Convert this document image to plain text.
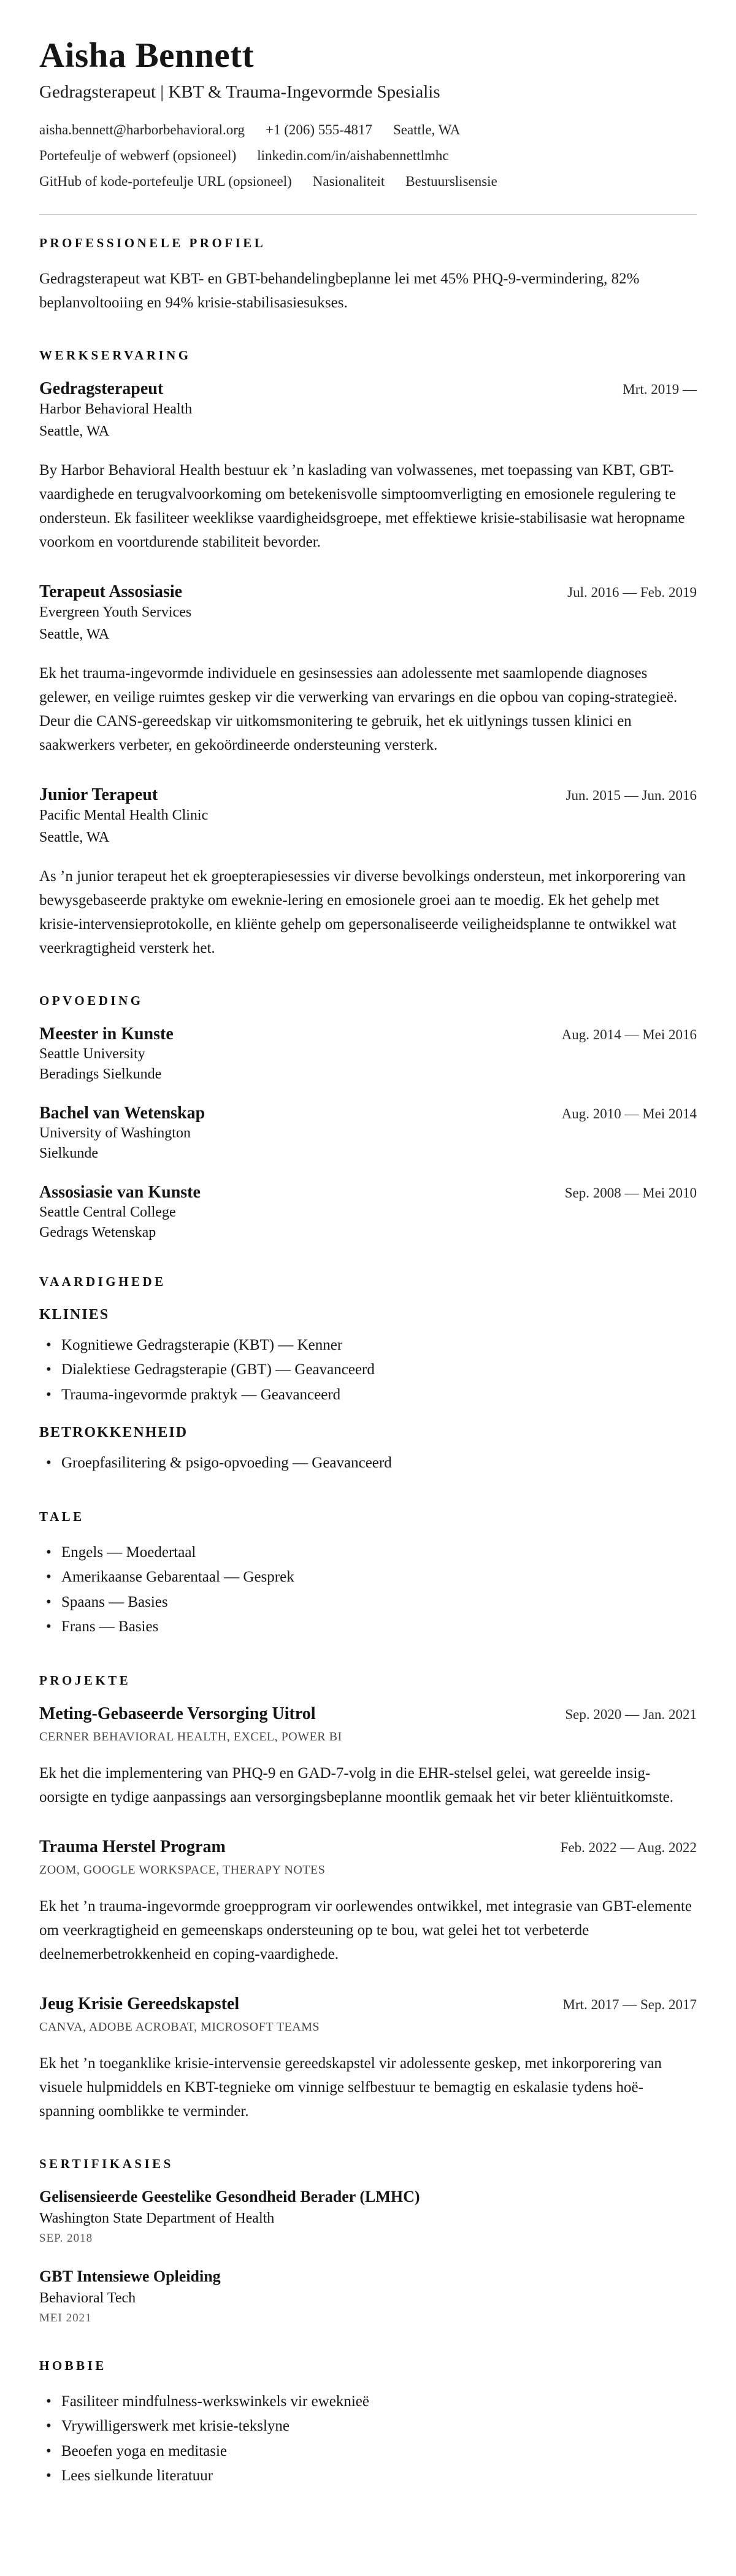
Aisha Bennett

Gedragsterapeut | KBT & Trauma-Ingevormde Spesialis

aisha.bennett@harborbehavioral.org +1 (206) 555-4817 Seattle, WA
Portefeulje of webwerf (opsioneel) linkedin.com/in/aishabennettlmhc
GitHub of kode-portefeulje URL (opsioneel) Nasionaliteit Bestuurslisensie
PROFESSIONELE PROFIEL

Gedragsterapeut wat KBT- en GBT-behandelingbeplanne lei met 45% PHQ-9-vermindering, 82% beplanvoltooiing en 94% krisie-stabilisasiesukses.

WERKSERVARING
Gedragsterapeut	Mrt. 2019 —

Harbor Behavioral Health

Seattle, WA

By Harbor Behavioral Health bestuur ek ’n kaslading van volwassenes, met toepassing van KBT, GBT-vaardighede en terugvalvoorkoming om betekenisvolle simptoomverligting en emosionele regulering te ondersteun. Ek fasiliteer weeklikse vaardigheidsgroepe, met effektiewe krisie-stabilisasie wat heropname voorkom en voortdurende stabiliteit bevorder.

Terapeut Assosiasie	Jul. 2016 — Feb. 2019

Evergreen Youth Services

Seattle, WA

Ek het trauma-ingevormde individuele en gesinsessies aan adolessente met saamlopende diagnoses gelewer, en veilige ruimtes geskep vir die verwerking van ervarings en die opbou van coping-strategieë. Deur die CANS-gereedskap vir uitkomsmonitering te gebruik, het ek uitlynings tussen klinici en saakwerkers verbeter, en gekoördineerde ondersteuning versterk.

Junior Terapeut	Jun. 2015 — Jun. 2016

Pacific Mental Health Clinic

Seattle, WA

As ’n junior terapeut het ek groepterapiesessies vir diverse bevolkings ondersteun, met inkorporering van bewysgebaseerde praktyke om eweknie-lering en emosionele groei aan te moedig. Ek het gehelp met krisie-intervensieprotokolle, en kliënte gehelp om gepersonaliseerde veiligheidsplanne te ontwikkel wat veerkragtigheid versterk het.

OPVOEDING
Meester in Kunste	Aug. 2014 — Mei 2016

Seattle University

Beradings Sielkunde

Bachel van Wetenskap	Aug. 2010 — Mei 2014

University of Washington

Sielkunde

Assosiasie van Kunste	Sep. 2008 — Mei 2010

Seattle Central College

Gedrags Wetenskap

VAARDIGHEDE
KLINIES
• Kognitiewe Gedragsterapie (KBT) — Kenner
• Dialektiese Gedragsterapie (GBT) — Geavanceerd
• Trauma-ingevormde praktyk — Geavanceerd
BETROKKENHEID
• Groepfasilitering & psigo-opvoeding — Geavanceerd
TALE
• Engels — Moedertaal
• Amerikaanse Gebarentaal — Gesprek
• Spaans — Basies
• Frans — Basies
PROJEKTE
Meting-Gebaseerde Versorging Uitrol	Sep. 2020 — Jan. 2021

CERNER BEHAVIORAL HEALTH, EXCEL, POWER BI

Ek het die implementering van PHQ-9 en GAD-7-volg in die EHR-stelsel gelei, wat gereelde insig-oorsigte en tydige aanpassings aan versorgingsbeplanne moontlik gemaak het vir beter kliëntuitkomste.

Trauma Herstel Program	Feb. 2022 — Aug. 2022

ZOOM, GOOGLE WORKSPACE, THERAPY NOTES

Ek het ’n trauma-ingevormde groepprogram vir oorlewendes ontwikkel, met integrasie van GBT-elemente om veerkragtigheid en gemeenskaps ondersteuning op te bou, wat gelei het tot verbeterde deelnemerbetrokkenheid en coping-vaardighede.

Jeug Krisie Gereedskapstel	Mrt. 2017 — Sep. 2017

CANVA, ADOBE ACROBAT, MICROSOFT TEAMS

Ek het ’n toeganklike krisie-intervensie gereedskapstel vir adolessente geskep, met inkorporering van visuele hulpmiddels en KBT-tegnieke om vinnige selfbestuur te bemagtig en eskalasie tydens hoë-spanning oomblikke te verminder.

SERTIFIKASIES
Gelisensieerde Geestelike Gesondheid Berader (LMHC)

Washington State Department of Health

SEP. 2018

GBT Intensiewe Opleiding

Behavioral Tech

MEI 2021

HOBBIE
• Fasiliteer mindfulness-werkswinkels vir eweknieë
• Vrywilligerswerk met krisie-tekslyne
• Beoefen yoga en meditasie
• Lees sielkunde literatuur
